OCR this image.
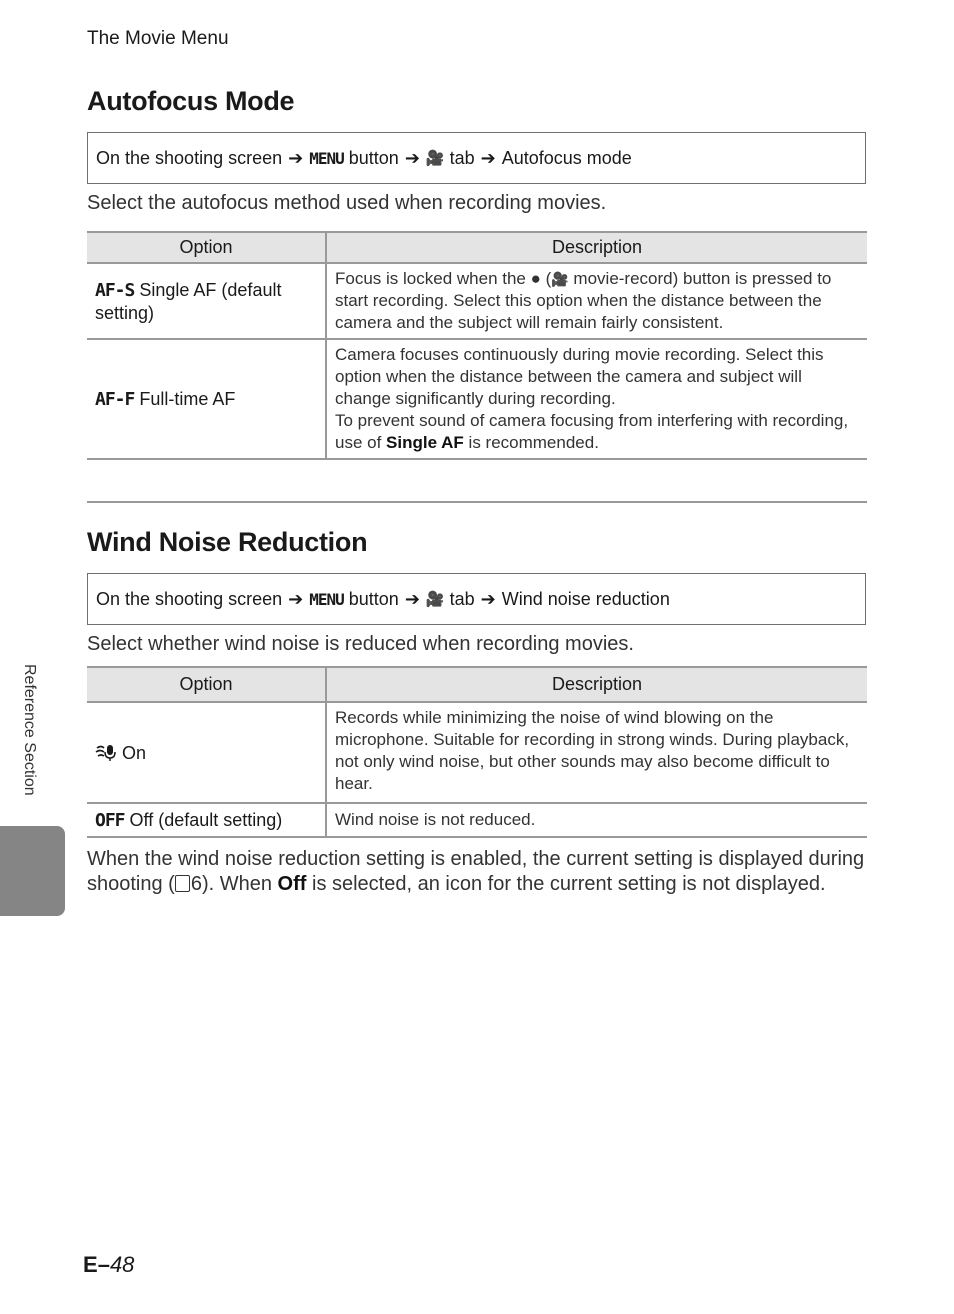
The Movie Menu
Autofocus Mode
On the shooting screen ➔ MENU
button ➔ 🎥
tab ➔ Autofocus mode
Select the autofocus method used when recording movies.
Option	Description
AF-S Single AF (default setting)	Focus is locked when the ● (🎥 movie-record) button is pressed to start recording. Select this option when the distance between the camera and the subject will remain fairly consistent.
AF-F Full-time AF	Camera focuses continuously during movie recording. Select this option when the distance between the camera and subject will change significantly during recording.
To prevent sound of camera focusing from interfering with recording, use of Single AF is recommended.
Wind Noise Reduction
On the shooting screen ➔ MENU
button ➔ 🎥
tab ➔ Wind noise reduction
Select whether wind noise is reduced when recording movies.
Option	Description
On	Records while minimizing the noise of wind blowing on the microphone. Suitable for recording in strong winds. During playback, not only wind noise, but other sounds may also become difficult to hear.
OFF Off (default setting)	Wind noise is not reduced.
When the wind noise reduction setting is enabled, the current setting is displayed during shooting ( 6). When Off is selected, an icon for the current setting is not displayed.
Reference Section
E–48
